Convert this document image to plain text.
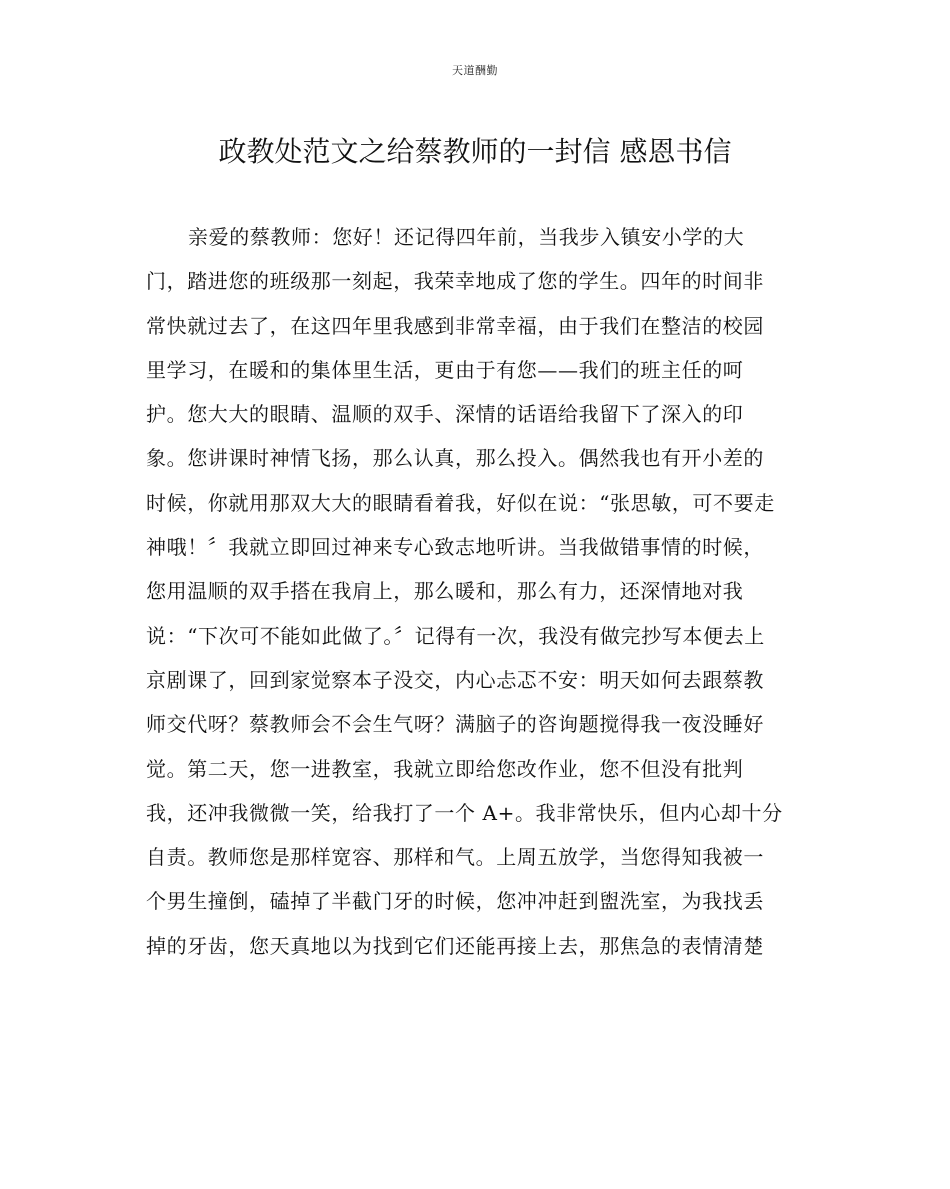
天道酬勤
政教处范文之给蔡教师的一封信 感恩书信
亲爱的蔡教师：您好！还记得四年前，当我步入镇安小学的大
门，踏进您的班级那一刻起，我荣幸地成了您的学生。四年的时间非
常快就过去了，在这四年里我感到非常幸福，由于我们在整洁的校园
里学习，在暖和的集体里生活，更由于有您——我们的班主任的呵
护。您大大的眼睛、温顺的双手、深情的话语给我留下了深入的印
象。您讲课时神情飞扬，那么认真，那么投入。偶然我也有开小差的
时候，你就用那双大大的眼睛看着我，好似在说：“张思敏，可不要走
神哦！〞我就立即回过神来专心致志地听讲。当我做错事情的时候，
您用温顺的双手搭在我肩上，那么暖和，那么有力，还深情地对我
说：“下次可不能如此做了。〞记得有一次，我没有做完抄写本便去上
京剧课了，回到家觉察本子没交，内心忐忑不安：明天如何去跟蔡教
师交代呀？蔡教师会不会生气呀？满脑子的咨询题搅得我一夜没睡好
觉。第二天，您一进教室，我就立即给您改作业，您不但没有批判
我，还冲我微微一笑，给我打了一个 A+。我非常快乐，但内心却十分
自责。教师您是那样宽容、那样和气。上周五放学，当您得知我被一
个男生撞倒，磕掉了半截门牙的时候，您冲冲赶到盥洗室，为我找丢
掉的牙齿，您天真地以为找到它们还能再接上去，那焦急的表情清楚
